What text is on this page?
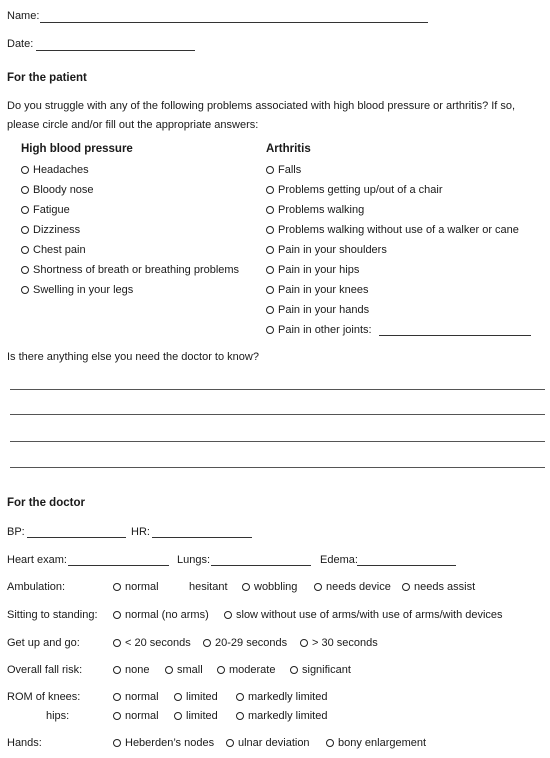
Name:
Date:
For the patient
Do you struggle with any of the following problems associated with high blood pressure or arthritis? If so, please circle and/or fill out the appropriate answers:
High blood pressure	Arthritis
Headaches
Bloody nose
Fatigue
Dizziness
Chest pain
Shortness of breath or breathing problems
Swelling in your legs
Falls
Problems getting up/out of a chair
Problems walking
Problems walking without use of a walker or cane
Pain in your shoulders
Pain in your hips
Pain in your knees
Pain in your hands
Pain in other joints:
Is there anything else you need the doctor to know?
For the doctor
BP:	HR:
Heart exam:	Lungs:	Edema:
Ambulation:	normal	hesitant	wobbling	needs device	needs assist
Sitting to standing:	normal (no arms)	slow without use of arms/with use of arms/with devices
Get up and go:	< 20 seconds	20-29 seconds	> 30 seconds
Overall fall risk:	none	small	moderate	significant
ROM of knees:	normal	limited	markedly limited
hips:	normal	limited	markedly limited
Hands:	Heberden’s nodes	ulnar deviation	bony enlargement
